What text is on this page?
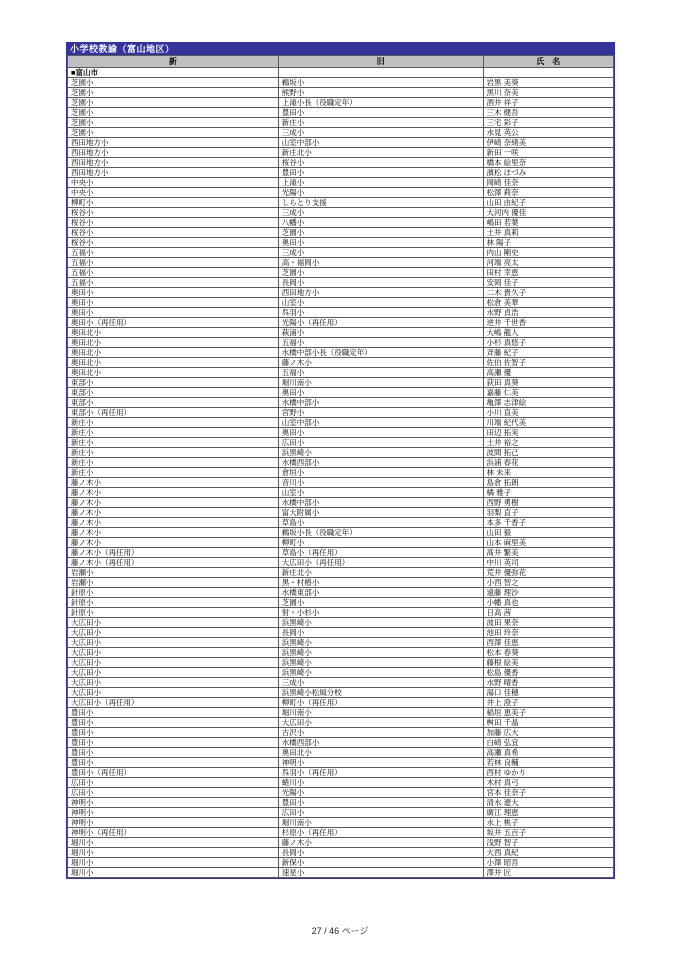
小学校教諭（富山地区）
新	旧	氏　名
■富山市		
芝園小	鵜坂小	岩黒 美葵
芝園小	熊野小	黒川 奈美
芝園小	上滝小長（役職定年）	酒井 祥子
芝園小	豊田小	三木 健吾
芝園小	新庄小	三宅 彩子
芝園小	三成小	水見 英公
西田地方小	山室中部小	伊崎 奈緒美
西田地方小	新庄北小	新田 一咲
西田地方小	桜谷小	橋本 絵里奈
西田地方小	豊田小	濱松 ほづみ
中央小	上滝小	岡崎 佳奈
中央小	光陽小	松澤 莉奈
柳町小	しらとり支援	山田 由紀子
桜谷小	三成小	大河内 優佳
桜谷小	八幡小	嶋田 若葉
桜谷小	芝園小	土井 真莉
桜谷小	奥田小	林 陽子
五福小	三成小	内山 剛史
五福小	高・福岡小	河端 亮太
五福小	芝園小	田村 幸恵
五福小	長岡小	安岡 佳子
奥田小	西田地方小	二木 貴久子
奥田小	山室小	松倉 美華
奥田小	呉羽小	水野 貞浩
奥田小（再任用）	光陽小（再任用）	逆井 千世香
奥田北小	萩浦小	大嶋 龍人
奥田北小	五福小	小杉 真悠子
奥田北小	水橋中部小長（役職定年）	斉藤 紀子
奥田北小	藤ノ木小	佐伯 佐智子
奥田北小	五福小	高瀬 優
東部小	堀川南小	荻田 真葵
東部小	奥田小	嘉藤 仁美
東部小	水橋中部小	亀澤 志津絵
東部小（再任用）	宮野小	小川 直美
新庄小	山室中部小	川端 紀代美
新庄小	奥田小	田辺 拓実
新庄小	広田小	土井 裕之
新庄小	浜黒崎小	波間 拓己
新庄小	水橋西部小	浜浦 春花
新庄小	倉垣小	林 未来
藤ノ木小	音川小	島倉 拓朗
藤ノ木小	山室小	橘 雅子
藤ノ木小	水橋中部小	西野 勇樹
藤ノ木小	富大附属小	羽梨 直子
藤ノ木小	草島小	本多 千香子
藤ノ木小	鵜坂小長（役職定年）	山田 毅
藤ノ木小	柳町小	山本 麻里美
藤ノ木小（再任用）	草島小（再任用）	髙井 繁美
藤ノ木小（再任用）	大広田小（再任用）	中川 英司
岩瀬小	新庄北小	荒井 優弥花
岩瀬小	黒・村椿小	小西 智之
針原小	水橋東部小	遠藤 理沙
針原小	芝園小	小幡 真也
針原小	射・小杉小	日高 茜
大広田小	浜黒崎小	波田 果奈
大広田小	長岡小	池田 玲奈
大広田小	浜黒崎小	西澤 佳恵
大広田小	浜黒崎小	松本 春葵
大広田小	浜黒崎小	藤根 絵美
大広田小	浜黒崎小	松島 優香
大広田小	三成小	水野 晴香
大広田小	浜黒崎小松風分校	湯口 佳穂
大広田小（再任用）	柳町小（再任用）	井上 澄子
豊田小	堀川南小	稲垣 恵美子
豊田小	大広田小	桝田 千晶
豊田小	古沢小	加藤 広大
豊田小	水橋西部小	白崎 弘宜
豊田小	奥田北小	高瀬 真希
豊田小	神明小	若林 良輔
豊田小（再任用）	呉羽小（再任用）	西村 ゆかり
広田小	蜷川小	木村 真弓
広田小	光陽小	宮本 佳奈子
神明小	豊田小	清水 遼大
神明小	広田小	廣江 理恵
神明小	堀川南小	水上 桃子
神明小（再任用）	杉原小（再任用）	坂井 五百子
堀川小	藤ノ木小	浅野 智子
堀川小	長岡小	大西 真紀
堀川小	新保小	小澤 昭吾
堀川小	速星小	澤井 匠
27 / 46 ページ
